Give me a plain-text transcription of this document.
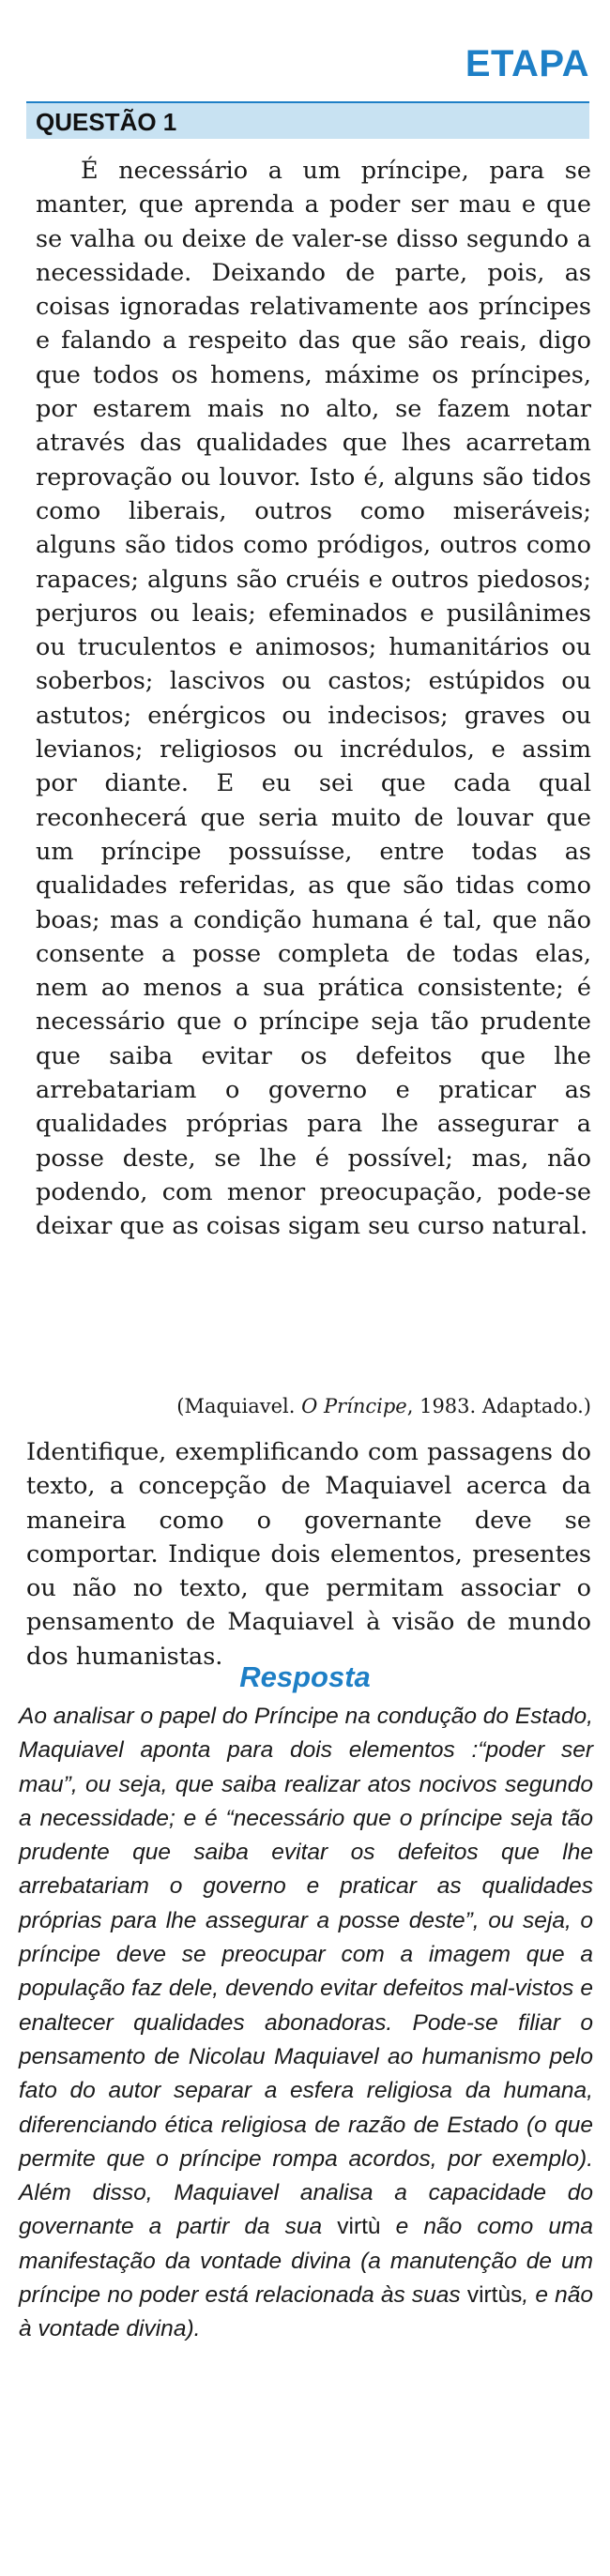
ETAPA
QUESTÃO 1

É necessário a um príncipe, para se manter, que aprenda a poder ser mau e que se valha ou deixe de valer-se disso segundo a necessidade. Deixando de parte, pois, as coisas ignoradas relativamente aos príncipes e falando a respeito das que são reais, digo que todos os homens, máxime os príncipes, por estarem mais no alto, se fazem notar através das qualidades que lhes acarretam reprovação ou louvor. Isto é, alguns são tidos como liberais, outros como miseráveis; alguns são tidos como pródigos, outros como rapaces; alguns são cruéis e outros piedosos; perjuros ou leais; efeminados e pusilânimes ou truculentos e animosos; humanitários ou soberbos; lascivos ou castos; estúpidos ou astutos; enérgicos ou indecisos; graves ou levianos; religiosos ou incrédulos, e assim por diante. E eu sei que cada qual reconhecerá que seria muito de louvar que um príncipe possuísse, entre todas as qualidades referidas, as que são tidas como boas; mas a condição humana é tal, que não consente a posse completa de todas elas, nem ao menos a sua prática consistente; é necessário que o príncipe seja tão prudente que saiba evitar os defeitos que lhe arrebatariam o governo e praticar as qualidades próprias para lhe assegurar a posse deste, se lhe é possível; mas, não podendo, com menor preocupação, pode-se deixar que as coisas sigam seu curso natural.

(Maquiavel. O Príncipe, 1983. Adaptado.)

Identifique, exemplificando com passagens do texto, a concepção de Maquiavel acerca da maneira como o governante deve se comportar. Indique dois elementos, presentes ou não no texto, que permitam associar o pensamento de Maquiavel à visão de mundo dos humanistas.

Resposta

Ao analisar o papel do Príncipe na condução do Estado, Maquiavel aponta para dois elementos :“poder ser mau”, ou seja, que saiba realizar atos nocivos segundo a necessidade; e é “necessário que o príncipe seja tão prudente que saiba evitar os defeitos que lhe arrebatariam o governo e praticar as qualidades próprias para lhe assegurar a posse deste”, ou seja, o príncipe deve se preocupar com a imagem que a população faz dele, devendo evitar defeitos mal-vistos e enaltecer qualidades abonadoras. Pode-se filiar o pensamento de Nicolau Maquiavel ao humanismo pelo fato do autor separar a esfera religiosa da humana, diferenciando ética religiosa de razão de Estado (o que permite que o príncipe rompa acordos, por exemplo). Além disso, Maquiavel analisa a capacidade do governante a partir da sua virtù e não como uma manifestação da vontade divina (a manutenção de um príncipe no poder está relacionada às suas virtùs, e não à vontade divina).
